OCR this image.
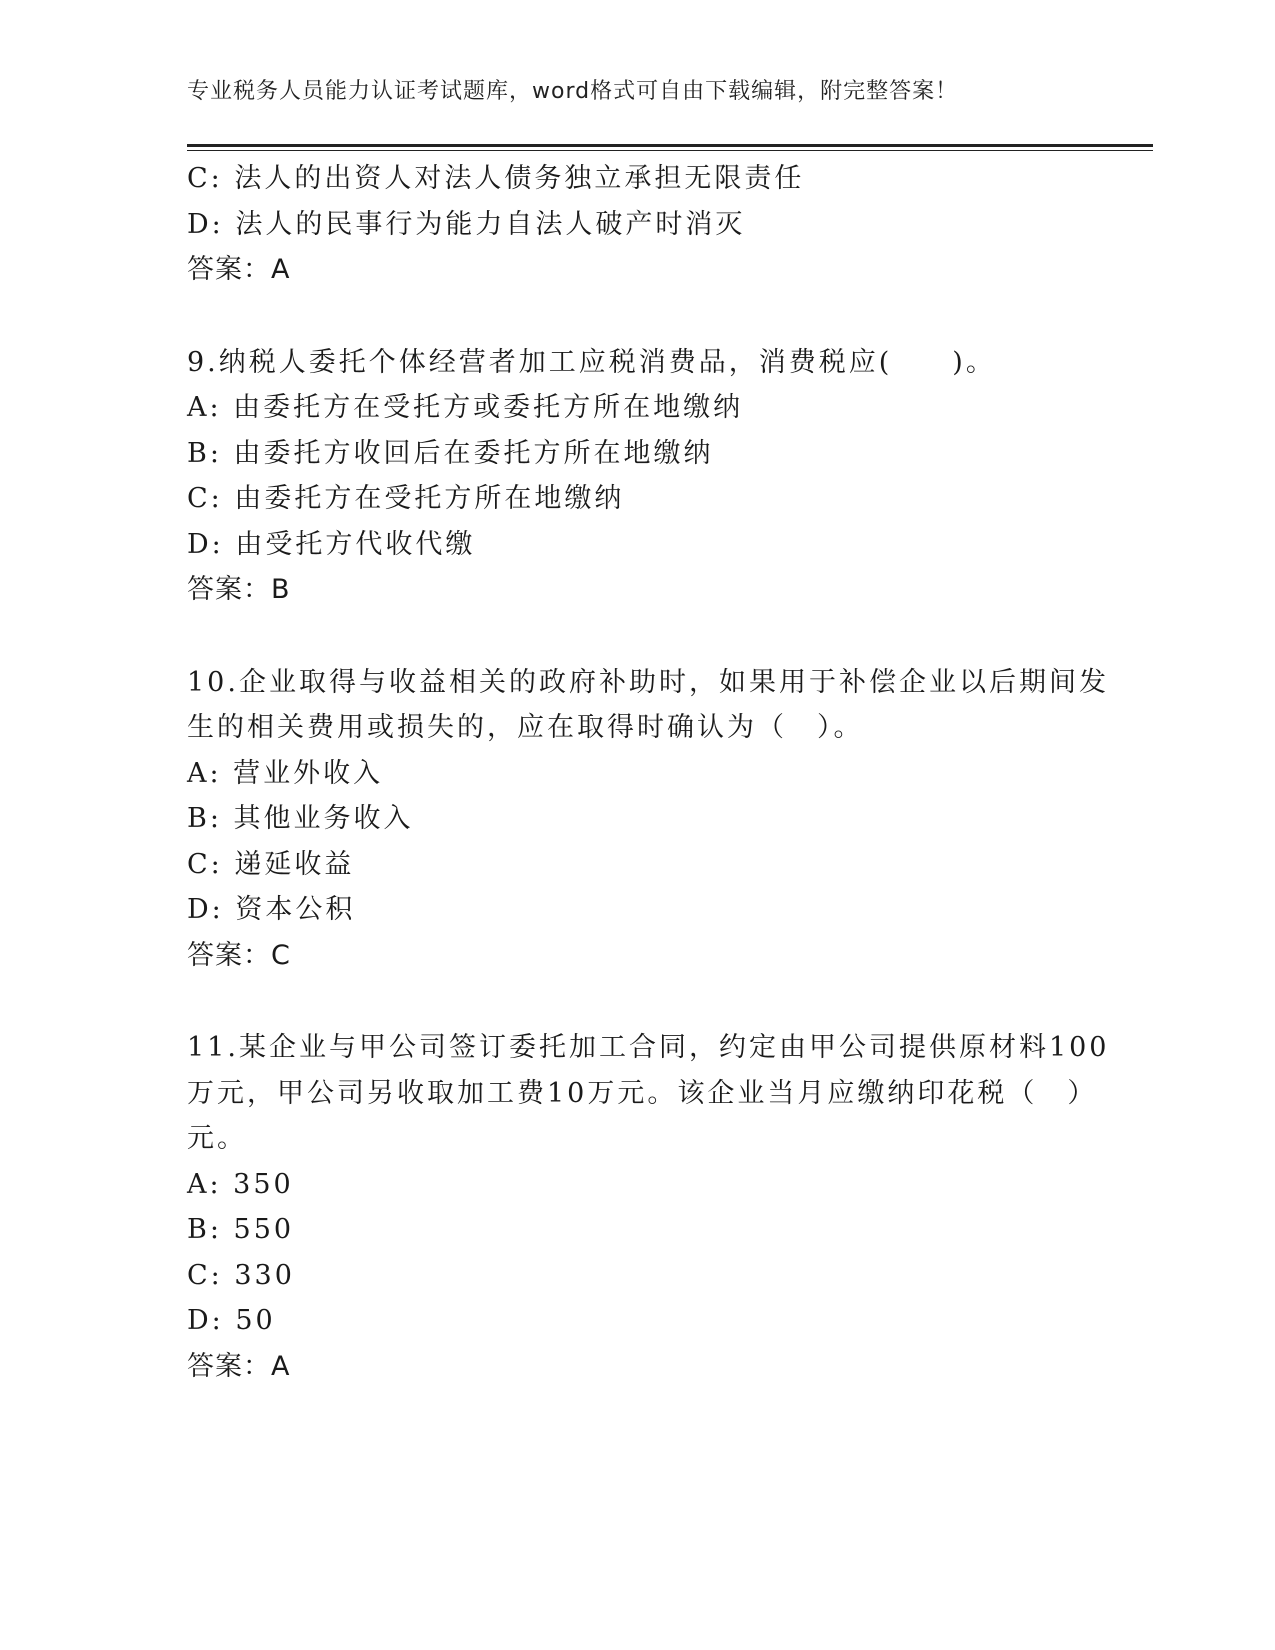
专业税务人员能力认证考试题库，word格式可自由下载编辑，附完整答案！
C: 法人的出资人对法人债务独立承担无限责任
D: 法人的民事行为能力自法人破产时消灭
答案：A
9.纳税人委托个体经营者加工应税消费品，消费税应(　　)。
A: 由委托方在受托方或委托方所在地缴纳
B: 由委托方收回后在委托方所在地缴纳
C: 由委托方在受托方所在地缴纳
D: 由受托方代收代缴
答案：B
10.企业取得与收益相关的政府补助时，如果用于补偿企业以后期间发
生的相关费用或损失的，应在取得时确认为（　）。
A: 营业外收入
B: 其他业务收入
C: 递延收益
D: 资本公积
答案：C
11.某企业与甲公司签订委托加工合同，约定由甲公司提供原材料100
万元，甲公司另收取加工费10万元。该企业当月应缴纳印花税（　）
元。
A: 350
B: 550
C: 330
D: 50
答案：A
